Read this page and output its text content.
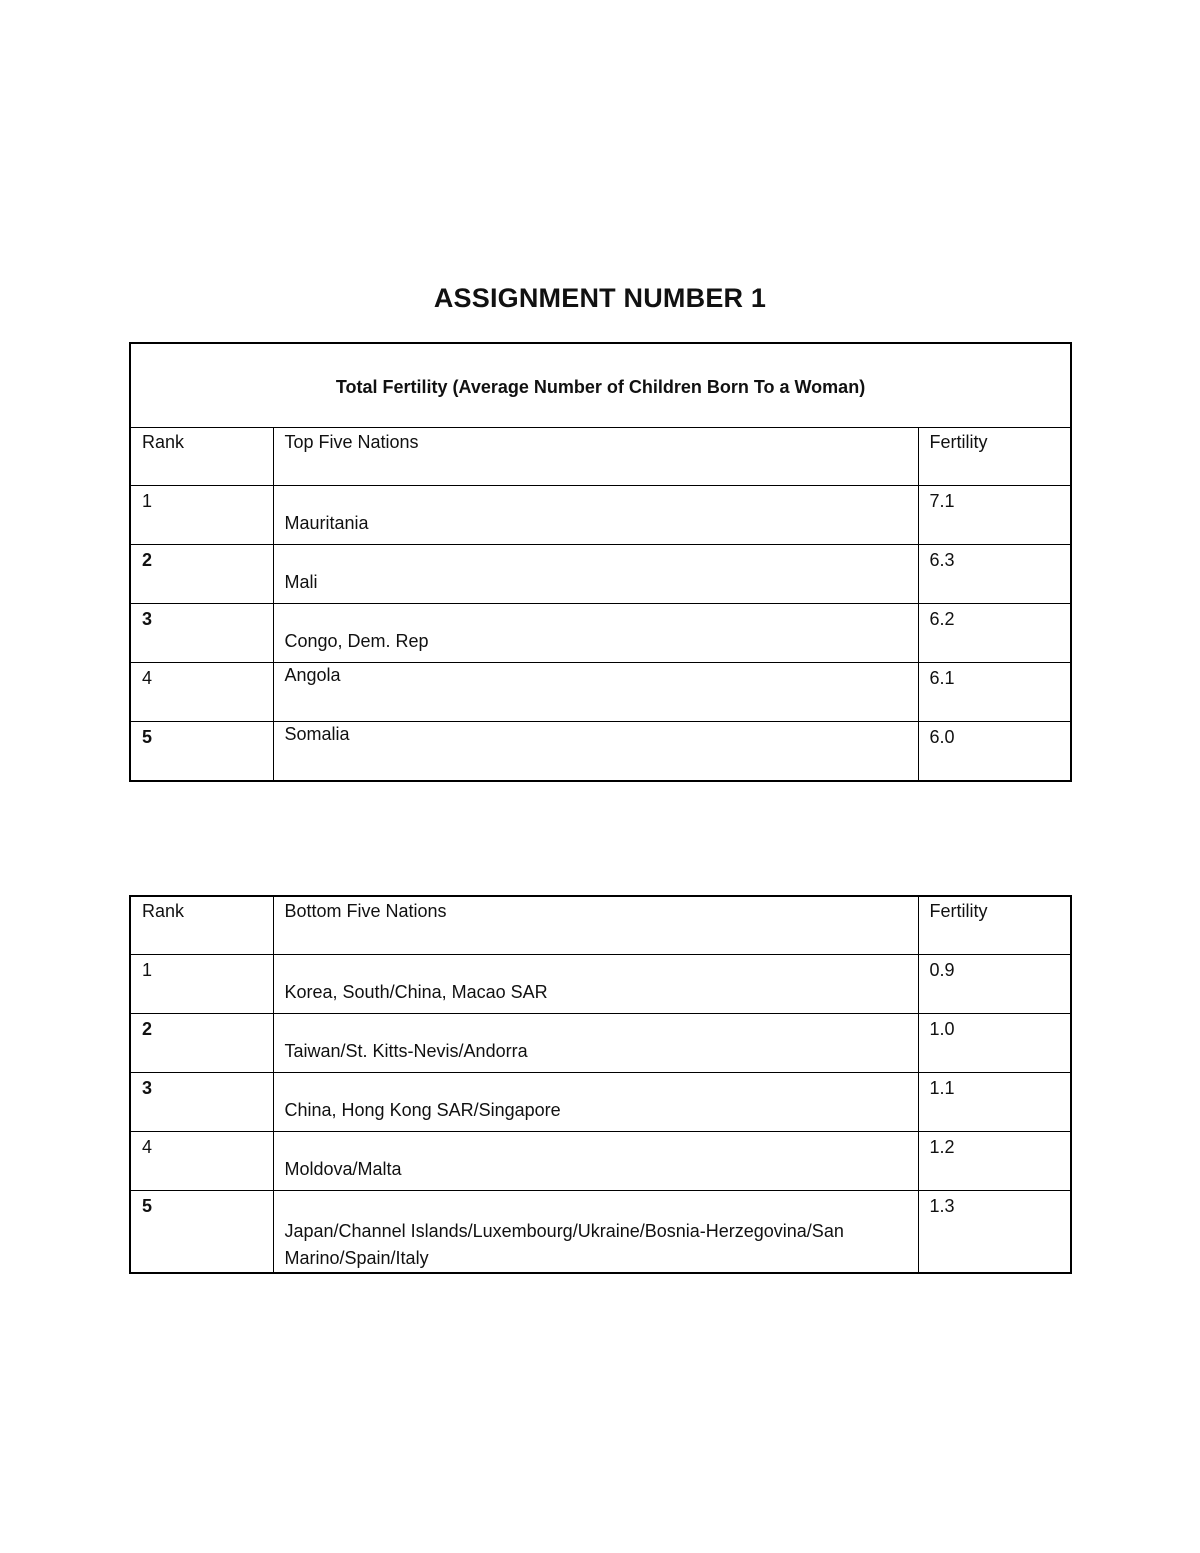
ASSIGNMENT NUMBER 1
Total Fertility (Average Number of Children Born To a Woman)		
Rank	Top Five Nations	Fertility
1	Mauritania	7.1
2	Mali	6.3
3	Congo, Dem. Rep	6.2
4	Angola	6.1
5	Somalia	6.0
Rank	Bottom Five Nations	Fertility
1	Korea, South/China, Macao SAR	0.9
2	Taiwan/St. Kitts-Nevis/Andorra	1.0
3	China, Hong Kong SAR/Singapore	1.1
4	Moldova/Malta	1.2
5	Japan/Channel Islands/Luxembourg/Ukraine/Bosnia-Herzegovina/San Marino/Spain/Italy	1.3
